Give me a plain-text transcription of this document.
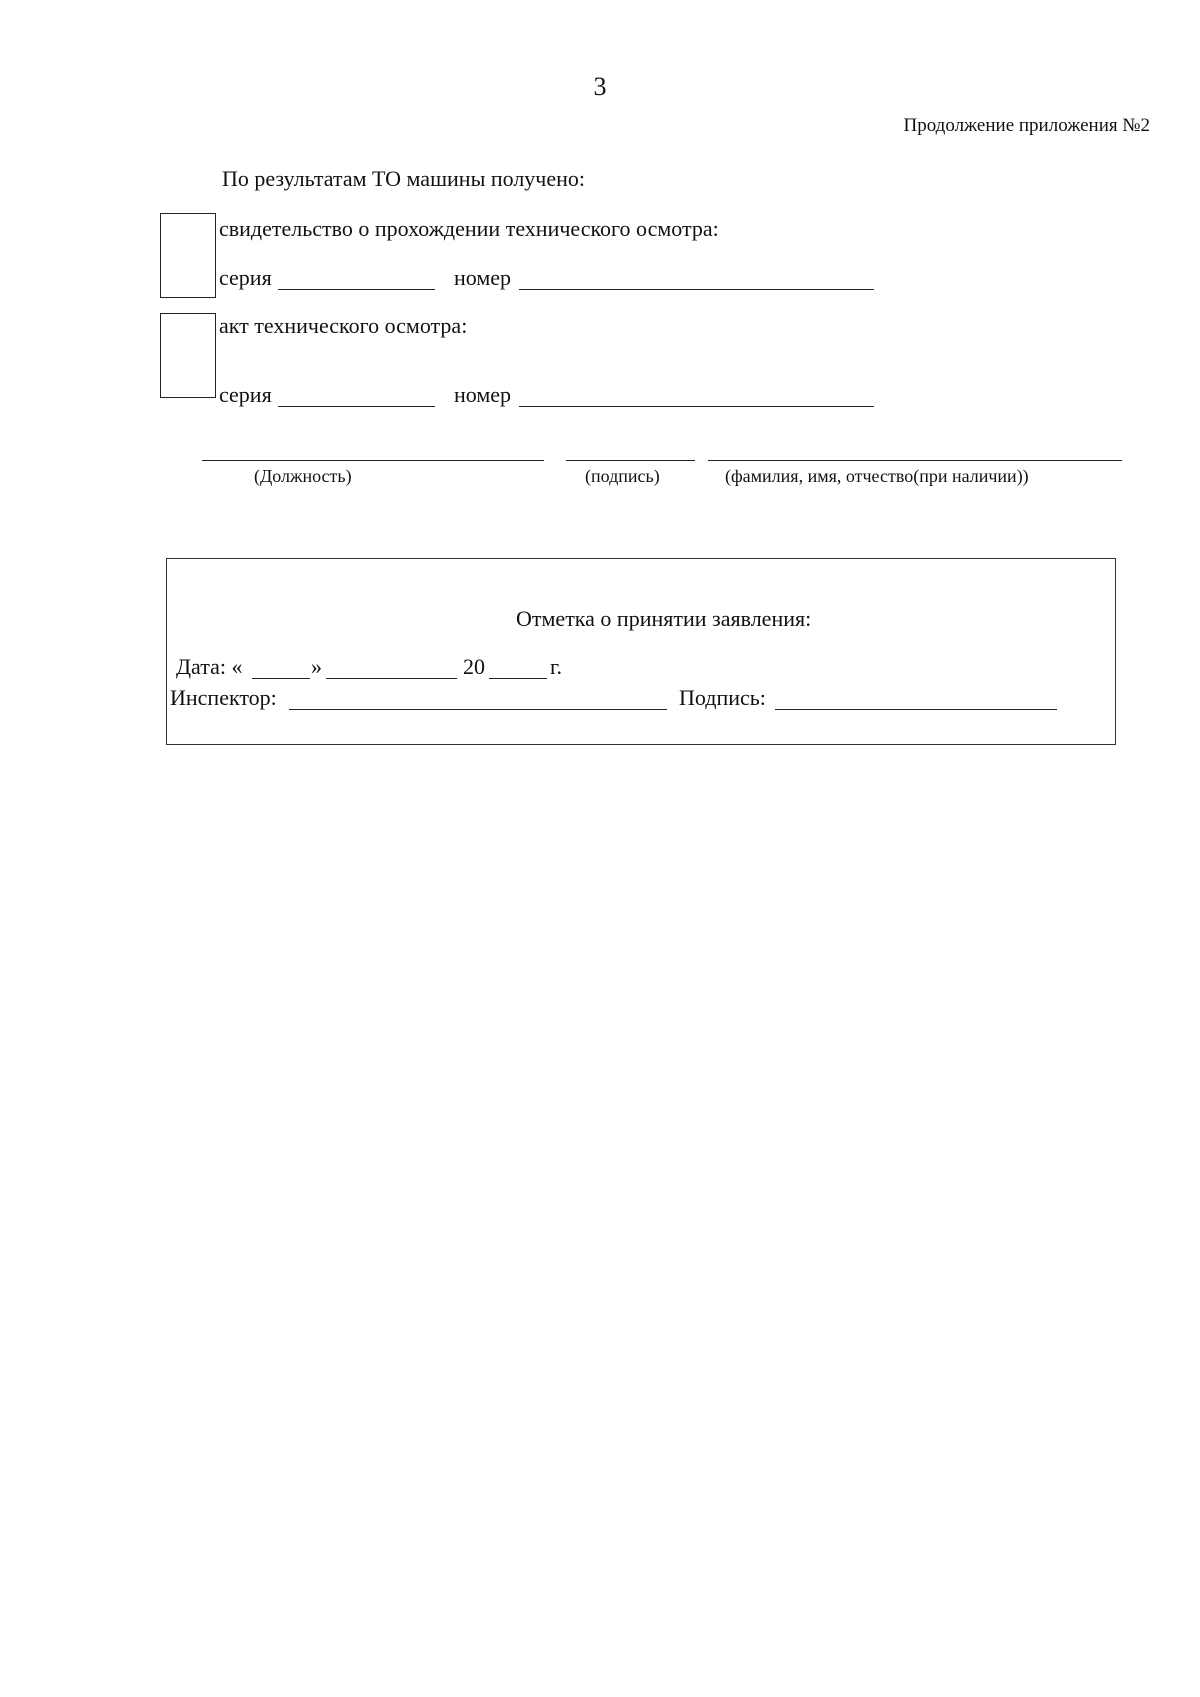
3
Продолжение приложения №2
По результатам ТО машины получено:
свидетельство о прохождении технического осмотра:
серия	номер
акт технического осмотра:
серия	номер
(Должность)	(подпись)	(фамилия, имя, отчество(при наличии))
Отметка о принятии заявления:
Дата: «	»	20	г.
Инспектор:	Подпись:
